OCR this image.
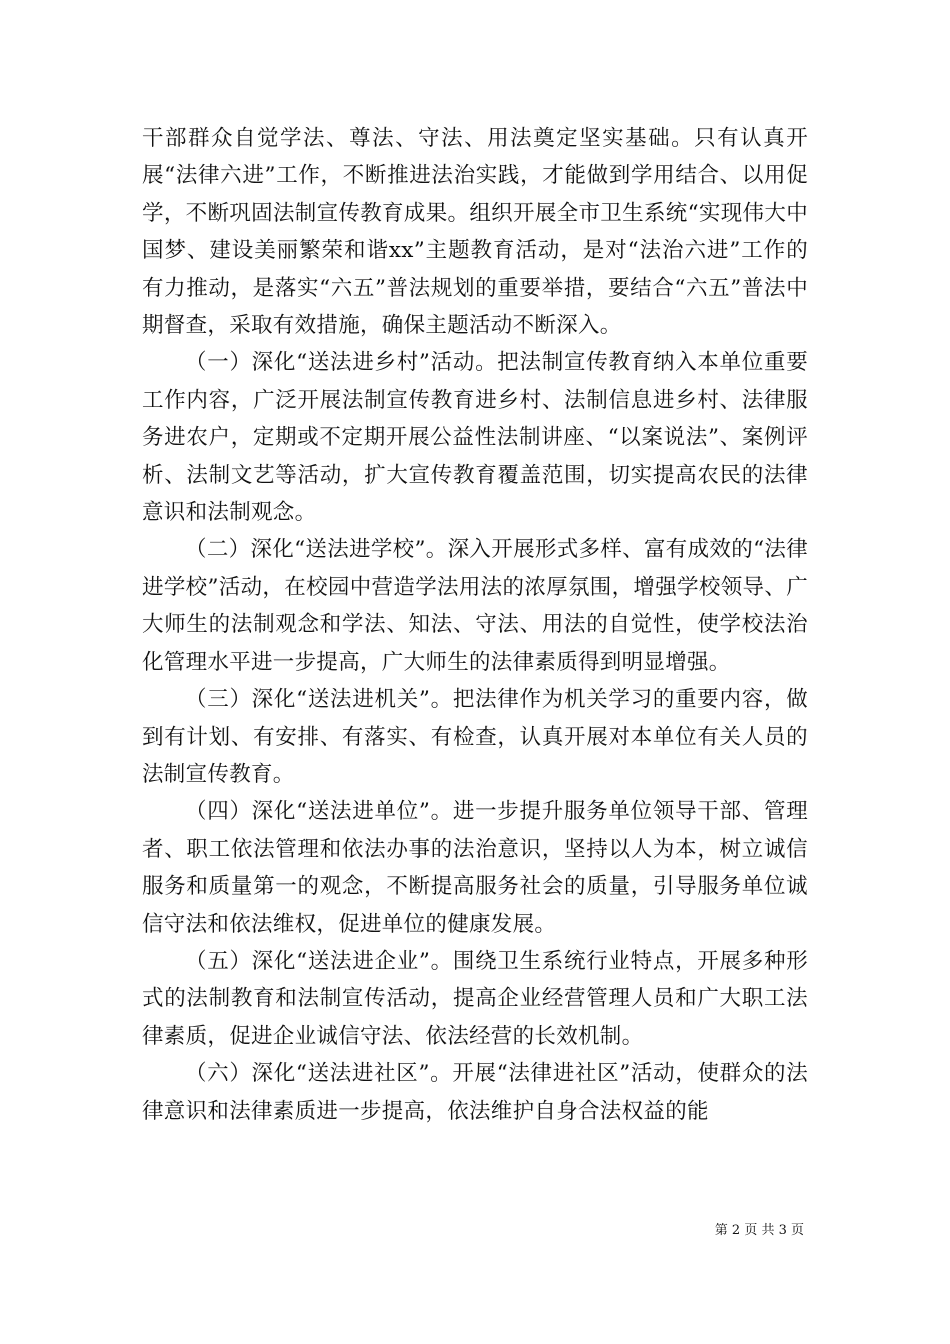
干部群众自觉学法、尊法、守法、用法奠定坚实基础。只有认真开展“法律六进”工作，不断推进法治实践，才能做到学用结合、以用促学，不断巩固法制宣传教育成果。组织开展全市卫生系统“实现伟大中国梦、建设美丽繁荣和谐xx”主题教育活动，是对“法治六进”工作的有力推动，是落实“六五”普法规划的重要举措，要结合“六五”普法中期督查，采取有效措施，确保主题活动不断深入。

（一）深化“送法进乡村”活动。把法制宣传教育纳入本单位重要工作内容，广泛开展法制宣传教育进乡村、法制信息进乡村、法律服务进农户，定期或不定期开展公益性法制讲座、“以案说法”、案例评析、法制文艺等活动，扩大宣传教育覆盖范围，切实提高农民的法律意识和法制观念。

（二）深化“送法进学校”。深入开展形式多样、富有成效的“法律进学校”活动，在校园中营造学法用法的浓厚氛围，增强学校领导、广大师生的法制观念和学法、知法、守法、用法的自觉性，使学校法治化管理水平进一步提高，广大师生的法律素质得到明显增强。

（三）深化“送法进机关”。把法律作为机关学习的重要内容，做到有计划、有安排、有落实、有检查，认真开展对本单位有关人员的法制宣传教育。

（四）深化“送法进单位”。进一步提升服务单位领导干部、管理者、职工依法管理和依法办事的法治意识，坚持以人为本，树立诚信服务和质量第一的观念，不断提高服务社会的质量，引导服务单位诚信守法和依法维权，促进单位的健康发展。

（五）深化“送法进企业”。围绕卫生系统行业特点，开展多种形式的法制教育和法制宣传活动，提高企业经营管理人员和广大职工法律素质，促进企业诚信守法、依法经营的长效机制。

（六）深化“送法进社区”。开展“法律进社区”活动，使群众的法律意识和法律素质进一步提高，依法维护自身合法权益的能

第 2 页 共 3 页
